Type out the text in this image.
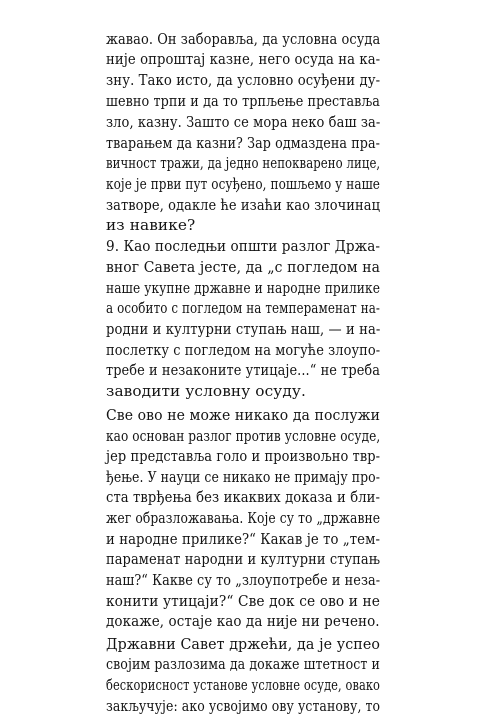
жавао. Он заборавља, да условна осуда
није опроштај казне, него осуда на ка-
зну. Тако исто, да условно осуђени ду-
шевно трпи и да то трпљење преставља
зло, казну. Зашто се мора неко баш за-
тварањем да казни? Зар одмаздена пра-
вичност тражи, да једно непокварено лице,
које је први пут осуђено, пошљемо у наше
затворе, одакле ће изаћи као злочинац
из навике?
9. Као последњи општи разлог Држа-
вног Савета јесте, да „с погледом на
наше укупне државне и народне прилике
а особито с погледом на темпераменат на-
родни и културни ступањ наш, — и на-
послетку с погледом на могуће злоупо-
требе и незаконите утицаје...“ не треба
заводити условну осуду.
Све ово не може никако да послужи
као основан разлог против условне осуде,
јер представља голо и произвољно твр-
ђење. У науци се никако не примају про-
ста тврђења без икаквих доказа и бли-
жег образложавања. Које су то „државне
и народне прилике?“ Какав је то „тем-
параменат народни и културни ступањ
наш?“ Какве су то „злоупотребе и неза-
конити утицаји?“ Све док се ово и не
докаже, остаје као да није ни речено.
Државни Савет држећи, да је успео
својим разлозима да докаже штетност и
бескорисност установе условне осуде, овако
закључује: ако усвојимо ову установу, то
